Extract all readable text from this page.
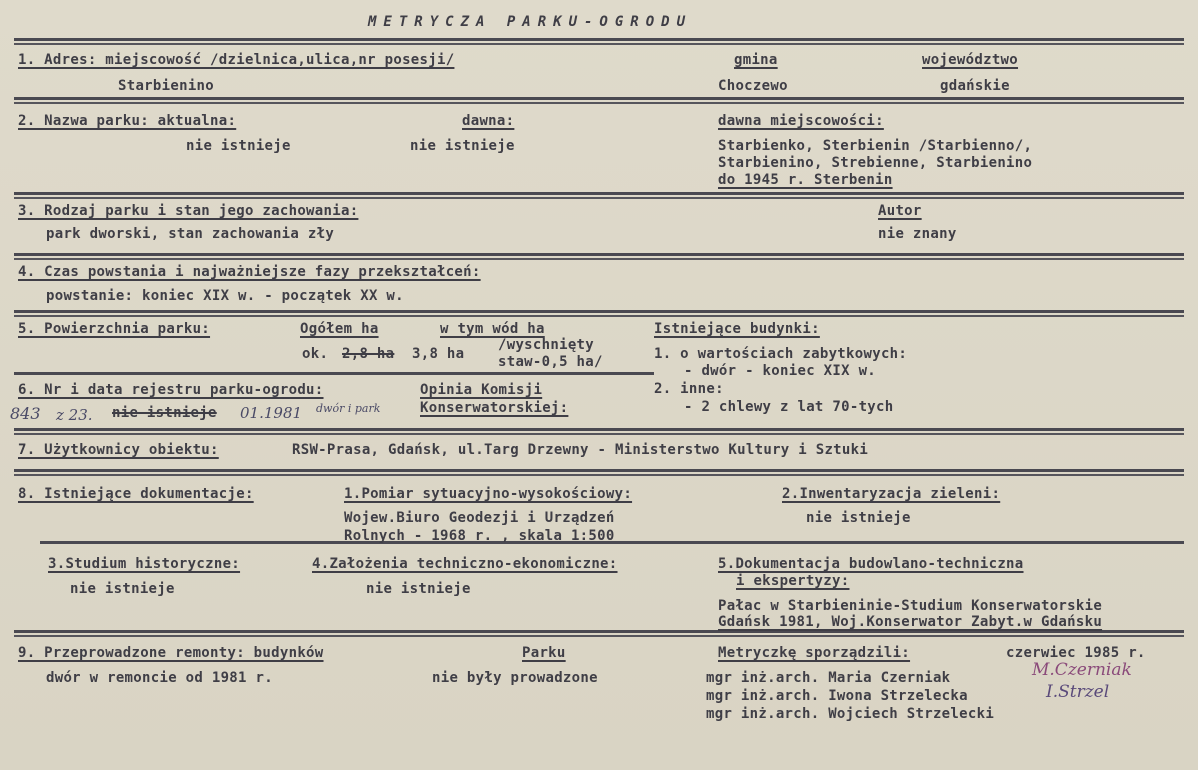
METRYCZA PARKU-OGRODU
1. Adres: miejscowość /dzielnica,ulica,nr posesji/
Starbienino
gmina
Choczewo
województwo
gdańskie
2. Nazwa parku: aktualna:
nie istnieje
dawna:
nie istnieje
dawna miejscowości:
Starbienko, Sterbienin /Starbienno/,
Starbienino, Strebienne, Starbienino
do 1945 r. Sterbenin
3. Rodzaj parku i stan jego zachowania:
park dworski, stan zachowania zły
Autor
nie znany
4. Czas powstania i najważniejsze fazy przekształceń:
powstanie: koniec XIX w. - początek XX w.
5. Powierzchnia parku:	Ogółem ha	w tym wód ha
ok. 2,8 ha 3,8 ha
/wyschnięty
staw-0,5 ha/
Istniejące budynki:
1. o wartościach zabytkowych:
- dwór - koniec XIX w.
2. inne:
- 2 chlewy z lat 70-tych
6. Nr i data rejestru parku-ogrodu:
843 z 23. nie istnieje 01.1981 dwór i park
Opinia Komisji
Konserwatorskiej:
7. Użytkownicy obiektu:	RSW-Prasa, Gdańsk, ul.Targ Drzewny - Ministerstwo Kultury i Sztuki
8. Istniejące dokumentacje:	1.Pomiar sytuacyjno-wysokościowy:
Wojew.Biuro Geodezji i Urządzeń
Rolnych - 1968 r. , skala 1:500
2.Inwentaryzacja zieleni:
nie istnieje
3.Studium historyczne:
nie istnieje
4.Założenia techniczno-ekonomiczne:
nie istnieje
5.Dokumentacja budowlano-techniczna
i ekspertyzy:
Pałac w Starbieninie-Studium Konserwatorskie
Gdańsk 1981, Woj.Konserwator Zabyt.w Gdańsku
9. Przeprowadzone remonty: budynków
dwór w remoncie od 1981 r.
Parku
nie były prowadzone
Metryczkę sporządzili:	czerwiec 1985 r.
mgr inż.arch. Maria Czerniak
mgr inż.arch. Iwona Strzelecka
mgr inż.arch. Wojciech Strzelecki
M.Czerniak
I.Strzel
